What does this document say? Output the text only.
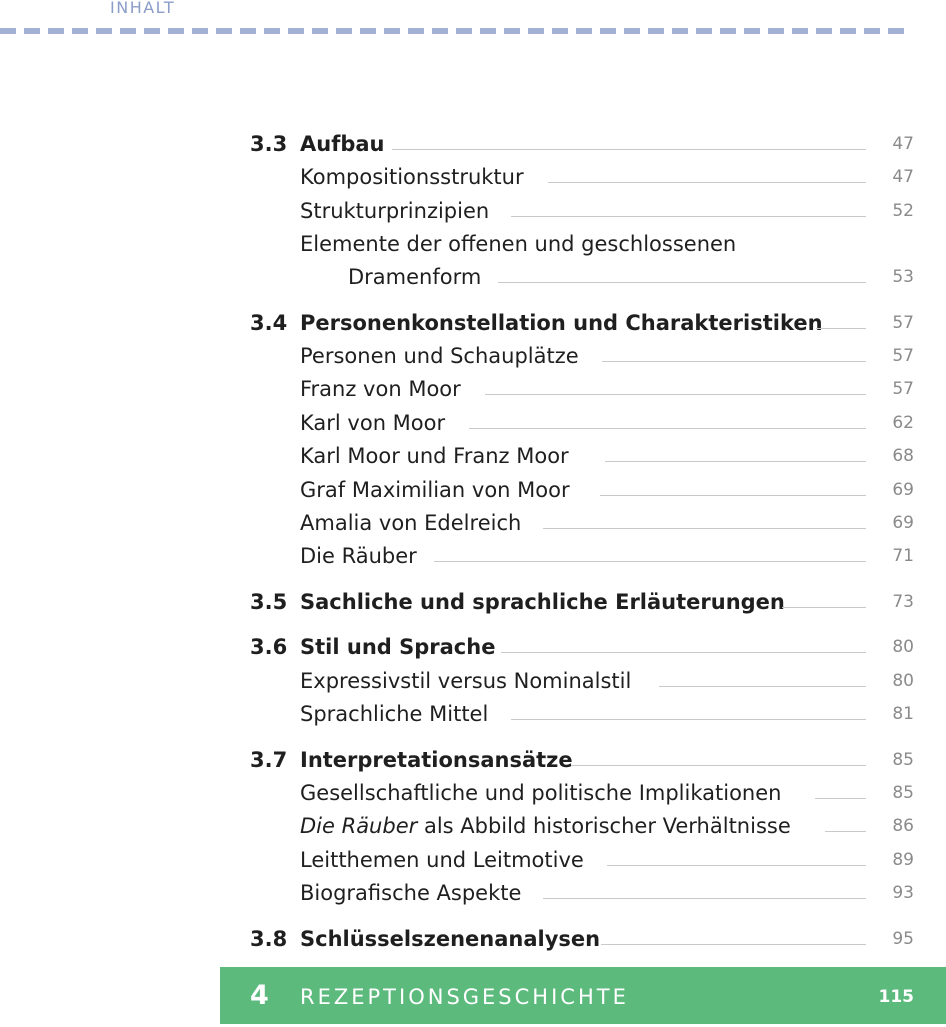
INHALT
3.3 Aufbau	47
Kompositionsstruktur	47
Strukturprinzipien	52
Elemente der offenen und geschlossenen
Dramenform	53
3.4 Personenkonstellation und Charakteristiken	57
Personen und Schauplätze	57
Franz von Moor	57
Karl von Moor	62
Karl Moor und Franz Moor	68
Graf Maximilian von Moor	69
Amalia von Edelreich	69
Die Räuber	71
3.5 Sachliche und sprachliche Erläuterungen	73
3.6 Stil und Sprache	80
Expressivstil versus Nominalstil	80
Sprachliche Mittel	81
3.7 Interpretationsansätze	85
Gesellschaftliche und politische Implikationen	85
Die Räuber als Abbild historischer Verhältnisse	86
Leitthemen und Leitmotive	89
Biografische Aspekte	93
3.8 Schlüsselszenenanalysen	95
4 REZEPTIONSGESCHICHTE	115
